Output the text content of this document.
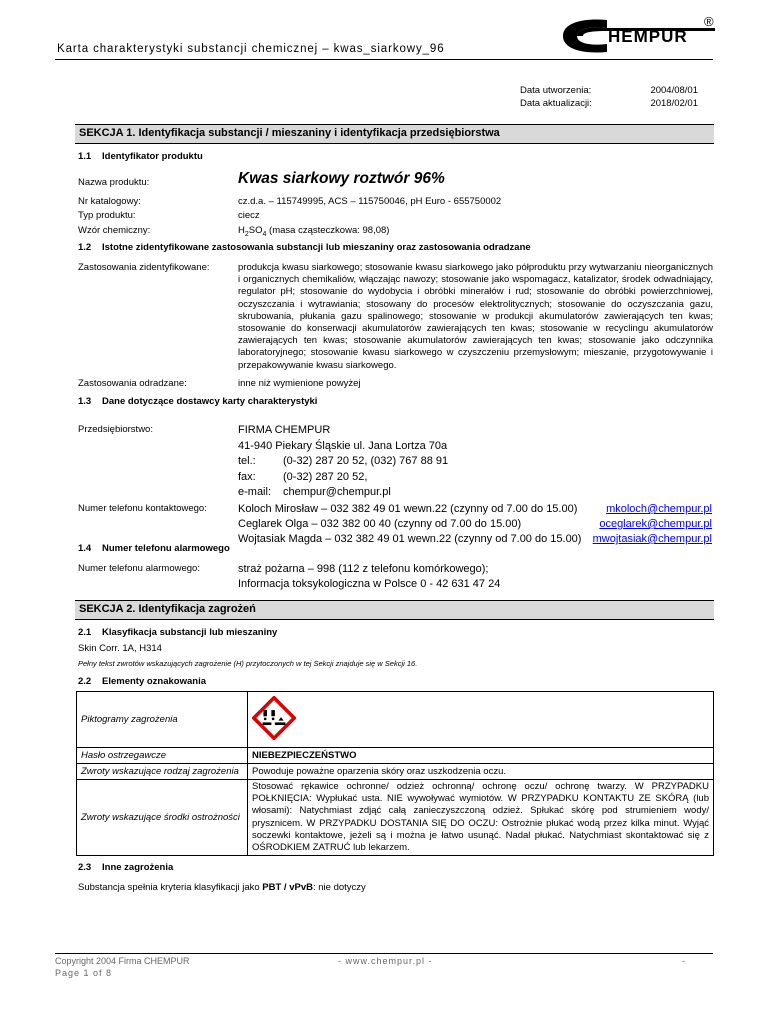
Karta charakterystyki substancji chemicznej – kwas_siarkowy_96
HEMPUR
®
Data utworzenia:	2004/08/01
Data aktualizacji:	2018/02/01
SEKCJA 1. Identyfikacja substancji / mieszaniny i identyfikacja przedsiębiorstwa
1.1 Identyfikator produktu
Nazwa produktu:	Kwas siarkowy roztwór 96%
Nr katalogowy:	cz.d.a. – 115749995, ACS – 115750046, pH Euro - 655750002
Typ produktu:	ciecz
Wzór chemiczny:	$H_2SO_4$ (masa cząsteczkowa: 98,08)
1.2 Istotne zidentyfikowane zastosowania substancji lub mieszaniny oraz zastosowania odradzane
Zastosowania zidentyfikowane:	produkcja kwasu siarkowego; stosowanie kwasu siarkowego jako półproduktu przy wytwarzaniu nieorganicznych i organicznych chemikaliów, włączając nawozy; stosowanie jako wspomagacz, katalizator, środek odwadniający, regulator pH; stosowanie do wydobycia i obróbki minerałów i rud; stosowanie do obróbki powierzchniowej, oczyszczania i wytrawiania; stosowany do procesów elektrolitycznych; stosowanie do oczyszczania gazu, skrubowania, płukania gazu spalinowego; stosowanie w produkcji akumulatorów zawierających ten kwas; stosowanie do konserwacji akumulatorów zawierających ten kwas; stosowanie w recyclingu akumulatorów zawierających ten kwas; stosowanie akumulatorów zawierających ten kwas; stosowanie jako odczynnika laboratoryjnego; stosowanie kwasu siarkowego w czyszczeniu przemysłowym; mieszanie, przygotowywanie i przepakowywanie kwasu siarkowego.
Zastosowania odradzane:	inne niż wymienione powyżej
1.3 Dane dotyczące dostawcy karty charakterystyki
Przedsiębiorstwo:	FIRMA CHEMPUR
41-940 Piekary Śląskie ul. Jana Lortza 70a
tel.:	(0-32) 287 20 52, (032) 767 88 91
fax:	(0-32) 287 20 52,
e-mail:	chempur@chempur.pl
Numer telefonu kontaktowego:	Koloch Mirosław – 032 382 49 01 wewn.22 (czynny od 7.00 do 15.00)	mkoloch@chempur.pl
Ceglarek Olga – 032 382 00 40 (czynny od 7.00 do 15.00)	oceglarek@chempur.pl
Wojtasiak Magda – 032 382 49 01 wewn.22 (czynny od 7.00 do 15.00) mwojtasiak@chempur.pl
1.4 Numer telefonu alarmowego
Numer telefonu alarmowego:	straż pożarna – 998 (112 z telefonu komórkowego);
Informacja toksykologiczna w Polsce 0 - 42 631 47 24
SEKCJA 2. Identyfikacja zagrożeń
2.1 Klasyfikacja substancji lub mieszaniny
Skin Corr. 1A, H314
Pełny tekst zwrotów wskazujących zagrożenie (H) przytoczonych w tej Sekcji znajduje się w Sekcji 16.
2.2 Elementy oznakowania
Piktogramy zagrożenia	
Hasło ostrzegawcze	NIEBEZPIECZEŃSTWO
Zwroty wskazujące rodzaj zagrożenia	Powoduje poważne oparzenia skóry oraz uszkodzenia oczu.
Zwroty wskazujące środki ostrożności	Stosować rękawice ochronne/ odzież ochronną/ ochronę oczu/ ochronę twarzy. W PRZYPADKU POŁKNIĘCIA: Wypłukać usta. NIE wywoływać wymiotów. W PRZYPADKU KONTAKTU ZE SKÓRĄ (lub włosami): Natychmiast zdjąć całą zanieczyszczoną odzież. Spłukać skórę pod strumieniem wody/ prysznicem. W PRZYPADKU DOSTANIA SIĘ DO OCZU: Ostrożnie płukać wodą przez kilka minut. Wyjąć soczewki kontaktowe, jeżeli są i można je łatwo usunąć. Nadal płukać. Natychmiast skontaktować się z OŚRODKIEM ZATRUĆ lub lekarzem.
2.3 Inne zagrożenia
Substancja spełnia kryteria klasyfikacji jako PBT / vPvB: nie dotyczy
Copyright 2004 Firma CHEMPUR	- www.chempur.pl -	-
Page 1 of 8
